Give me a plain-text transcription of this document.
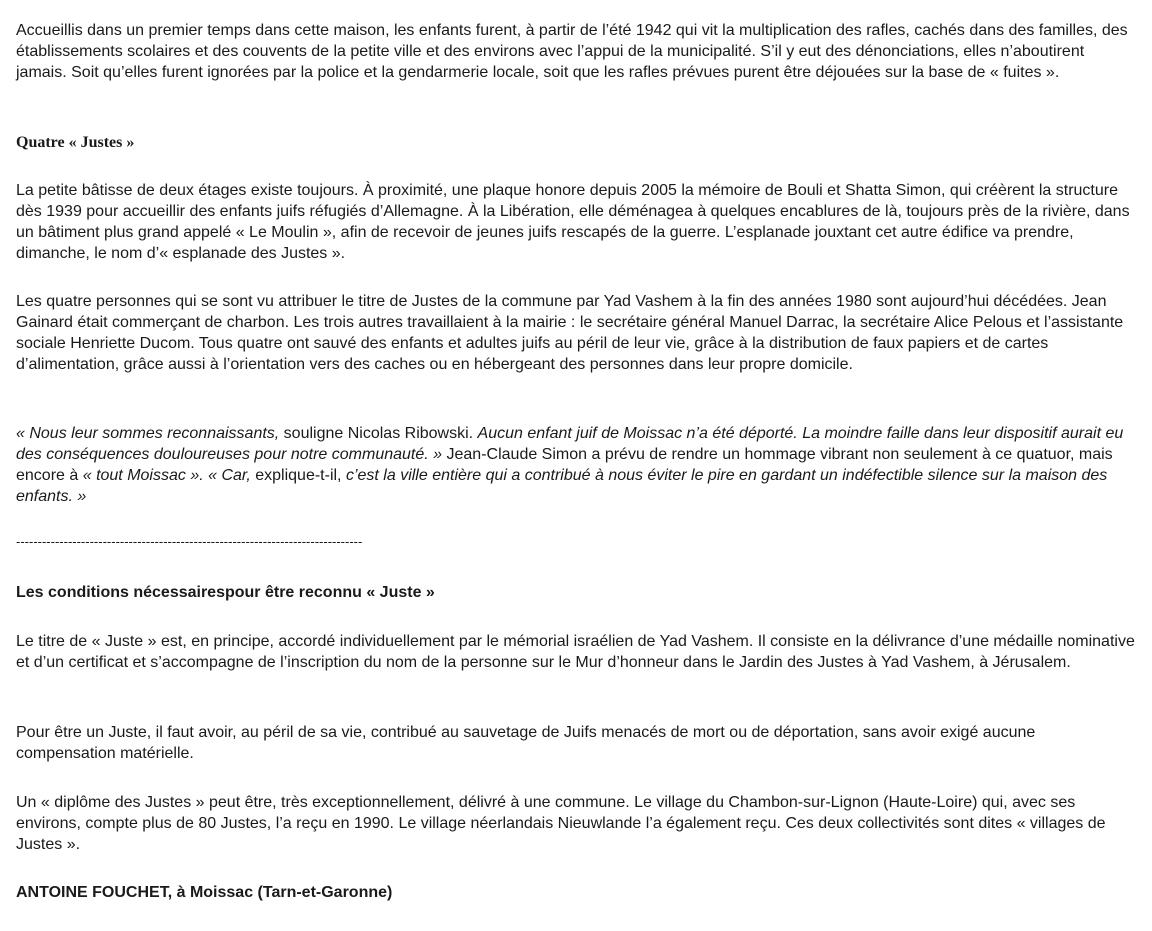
Accueillis dans un premier temps dans cette maison, les enfants furent, à partir de l’été 1942 qui vit la multiplication des rafles, cachés dans des familles, des établissements scolaires et des couvents de la petite ville et des environs avec l’appui de la municipalité. S’il y eut des dénonciations, elles n’aboutirent jamais. Soit qu’elles furent ignorées par la police et la gendarmerie locale, soit que les rafles prévues purent être déjouées sur la base de « fuites ».

Quatre « Justes »

La petite bâtisse de deux étages existe toujours. À proximité, une plaque honore depuis 2005 la mémoire de Bouli et Shatta Simon, qui créèrent la structure dès 1939 pour accueillir des enfants juifs réfugiés d’Allemagne. À la Libération, elle déménagea à quelques encablures de là, toujours près de la rivière, dans un bâtiment plus grand appelé « Le Moulin », afin de recevoir de jeunes juifs rescapés de la guerre. L’esplanade jouxtant cet autre édifice va prendre, dimanche, le nom d’« esplanade des Justes ».

Les quatre personnes qui se sont vu attribuer le titre de Justes de la commune par Yad Vashem à la fin des années 1980 sont aujourd’hui décédées. Jean Gainard était commerçant de charbon. Les trois autres travaillaient à la mairie : le secrétaire général Manuel Darrac, la secrétaire Alice Pelous et l’assistante sociale Henriette Ducom. Tous quatre ont sauvé des enfants et adultes juifs au péril de leur vie, grâce à la distribution de faux papiers et de cartes d’alimentation, grâce aussi à l’orientation vers des caches ou en hébergeant des personnes dans leur propre domicile.

« Nous leur sommes reconnaissants, souligne Nicolas Ribowski. Aucun enfant juif de Moissac n’a été déporté. La moindre faille dans leur dispositif aurait eu des conséquences douloureuses pour notre communauté. » Jean-Claude Simon a prévu de rendre un hommage vibrant non seulement à ce quatuor, mais encore à « tout Moissac ». « Car, explique-t-il, c’est la ville entière qui a contribué à nous éviter le pire en gardant un indéfectible silence sur la maison des enfants. »

--------------------------------------------------------------------------------

Les conditions nécessairespour être reconnu « Juste »

Le titre de « Juste » est, en principe, accordé individuellement par le mémorial israélien de Yad Vashem. Il consiste en la délivrance d’une médaille nominative et d’un certificat et s’accompagne de l’inscription du nom de la personne sur le Mur d’honneur dans le Jardin des Justes à Yad Vashem, à Jérusalem.

Pour être un Juste, il faut avoir, au péril de sa vie, contribué au sauvetage de Juifs menacés de mort ou de déportation, sans avoir exigé aucune compensation matérielle.

Un « diplôme des Justes » peut être, très exceptionnellement, délivré à une commune. Le village du Chambon-sur-Lignon (Haute-Loire) qui, avec ses environs, compte plus de 80 Justes, l’a reçu en 1990. Le village néerlandais Nieuwlande l’a également reçu. Ces deux collectivités sont dites « villages de Justes ».

ANTOINE FOUCHET, à Moissac (Tarn-et-Garonne)
